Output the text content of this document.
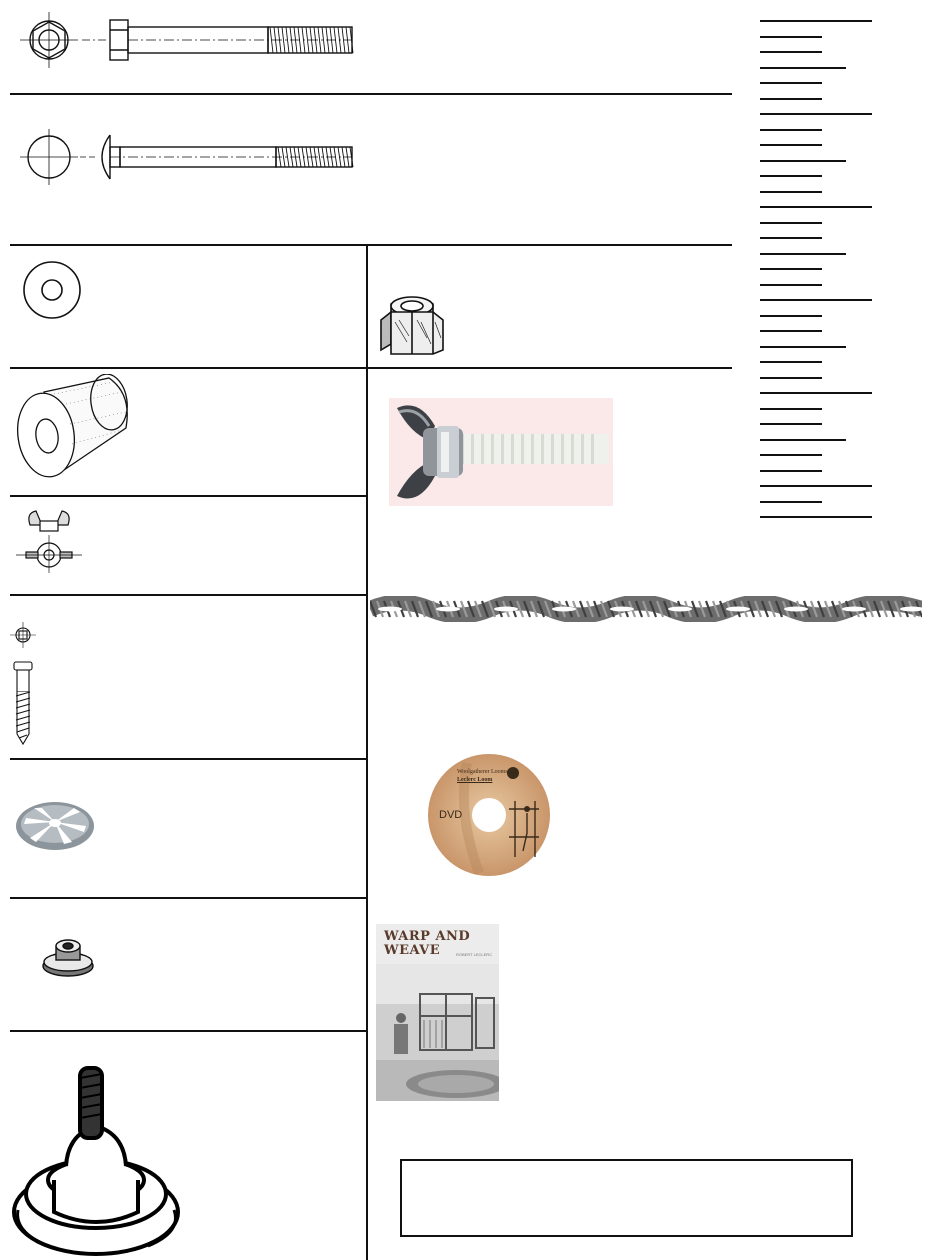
Woolgatherer Looms
Leclerc Loom
DVD
WARP AND
WEAVE	ROBERT LECLERC
